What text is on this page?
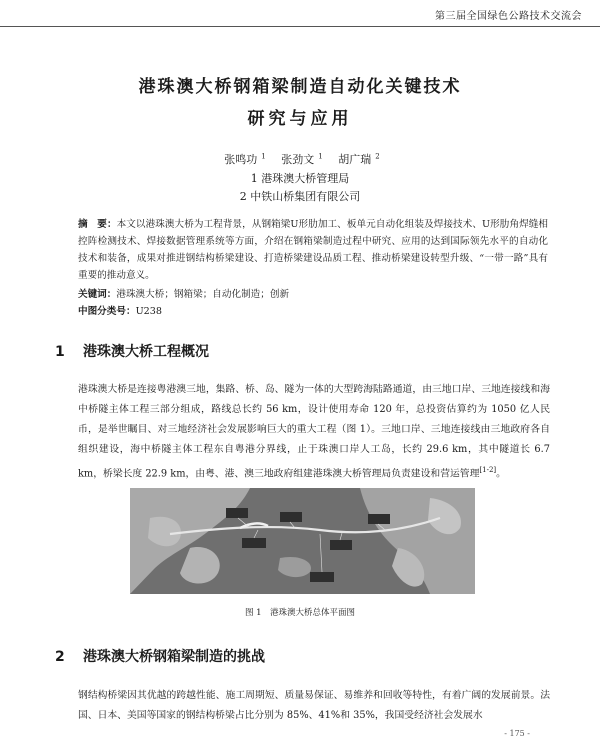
第三届全国绿色公路技术交流会
港珠澳大桥钢箱梁制造自动化关键技术
研究与应用
张鸣功 $^1$ 张劲文 $^1$ 胡广瑞 $^2$
1 港珠澳大桥管理局
2 中铁山桥集团有限公司
摘　要：本文以港珠澳大桥为工程背景，从钢箱梁U形肋加工、板单元自动化组装及焊接技术、U形肋角焊缝相控阵检测技术、焊接数据管理系统等方面，介绍在钢箱梁制造过程中研究、应用的达到国际领先水平的自动化技术和装备，成果对推进钢结构桥梁建设、打造桥梁建设品质工程、推动桥梁建设转型升级、“一带一路”具有重要的推动意义。
关键词：港珠澳大桥；钢箱梁；自动化制造；创新
中图分类号：U238
1 港珠澳大桥工程概况
港珠澳大桥是连接粤港澳三地，集路、桥、岛、隧为一体的大型跨海陆路通道，由三地口岸、三地连接线和海中桥隧主体工程三部分组成，路线总长约 56 km，设计使用寿命 120 年，总投资估算约为 1050 亿人民币，是举世瞩目、对三地经济社会发展影响巨大的重大工程（图 1）。三地口岸、三地连接线由三地政府各自组织建设，海中桥隧主体工程东自粤港分界线，止于珠澳口岸人工岛，长约 29.6 km，其中隧道长 6.7 km，桥梁长度 22.9 km，由粤、港、澳三地政府组建港珠澳大桥管理局负责建设和营运管理[1-2]。
图 1　港珠澳大桥总体平面图
2 港珠澳大桥钢箱梁制造的挑战
钢结构桥梁因其优越的跨越性能、施工周期短、质量易保证、易维养和回收等特性，有着广阔的发展前景。法国、日本、美国等国家的钢结构桥梁占比分别为 85%、41%和 35%，我国受经济社会发展水
- 175 -
